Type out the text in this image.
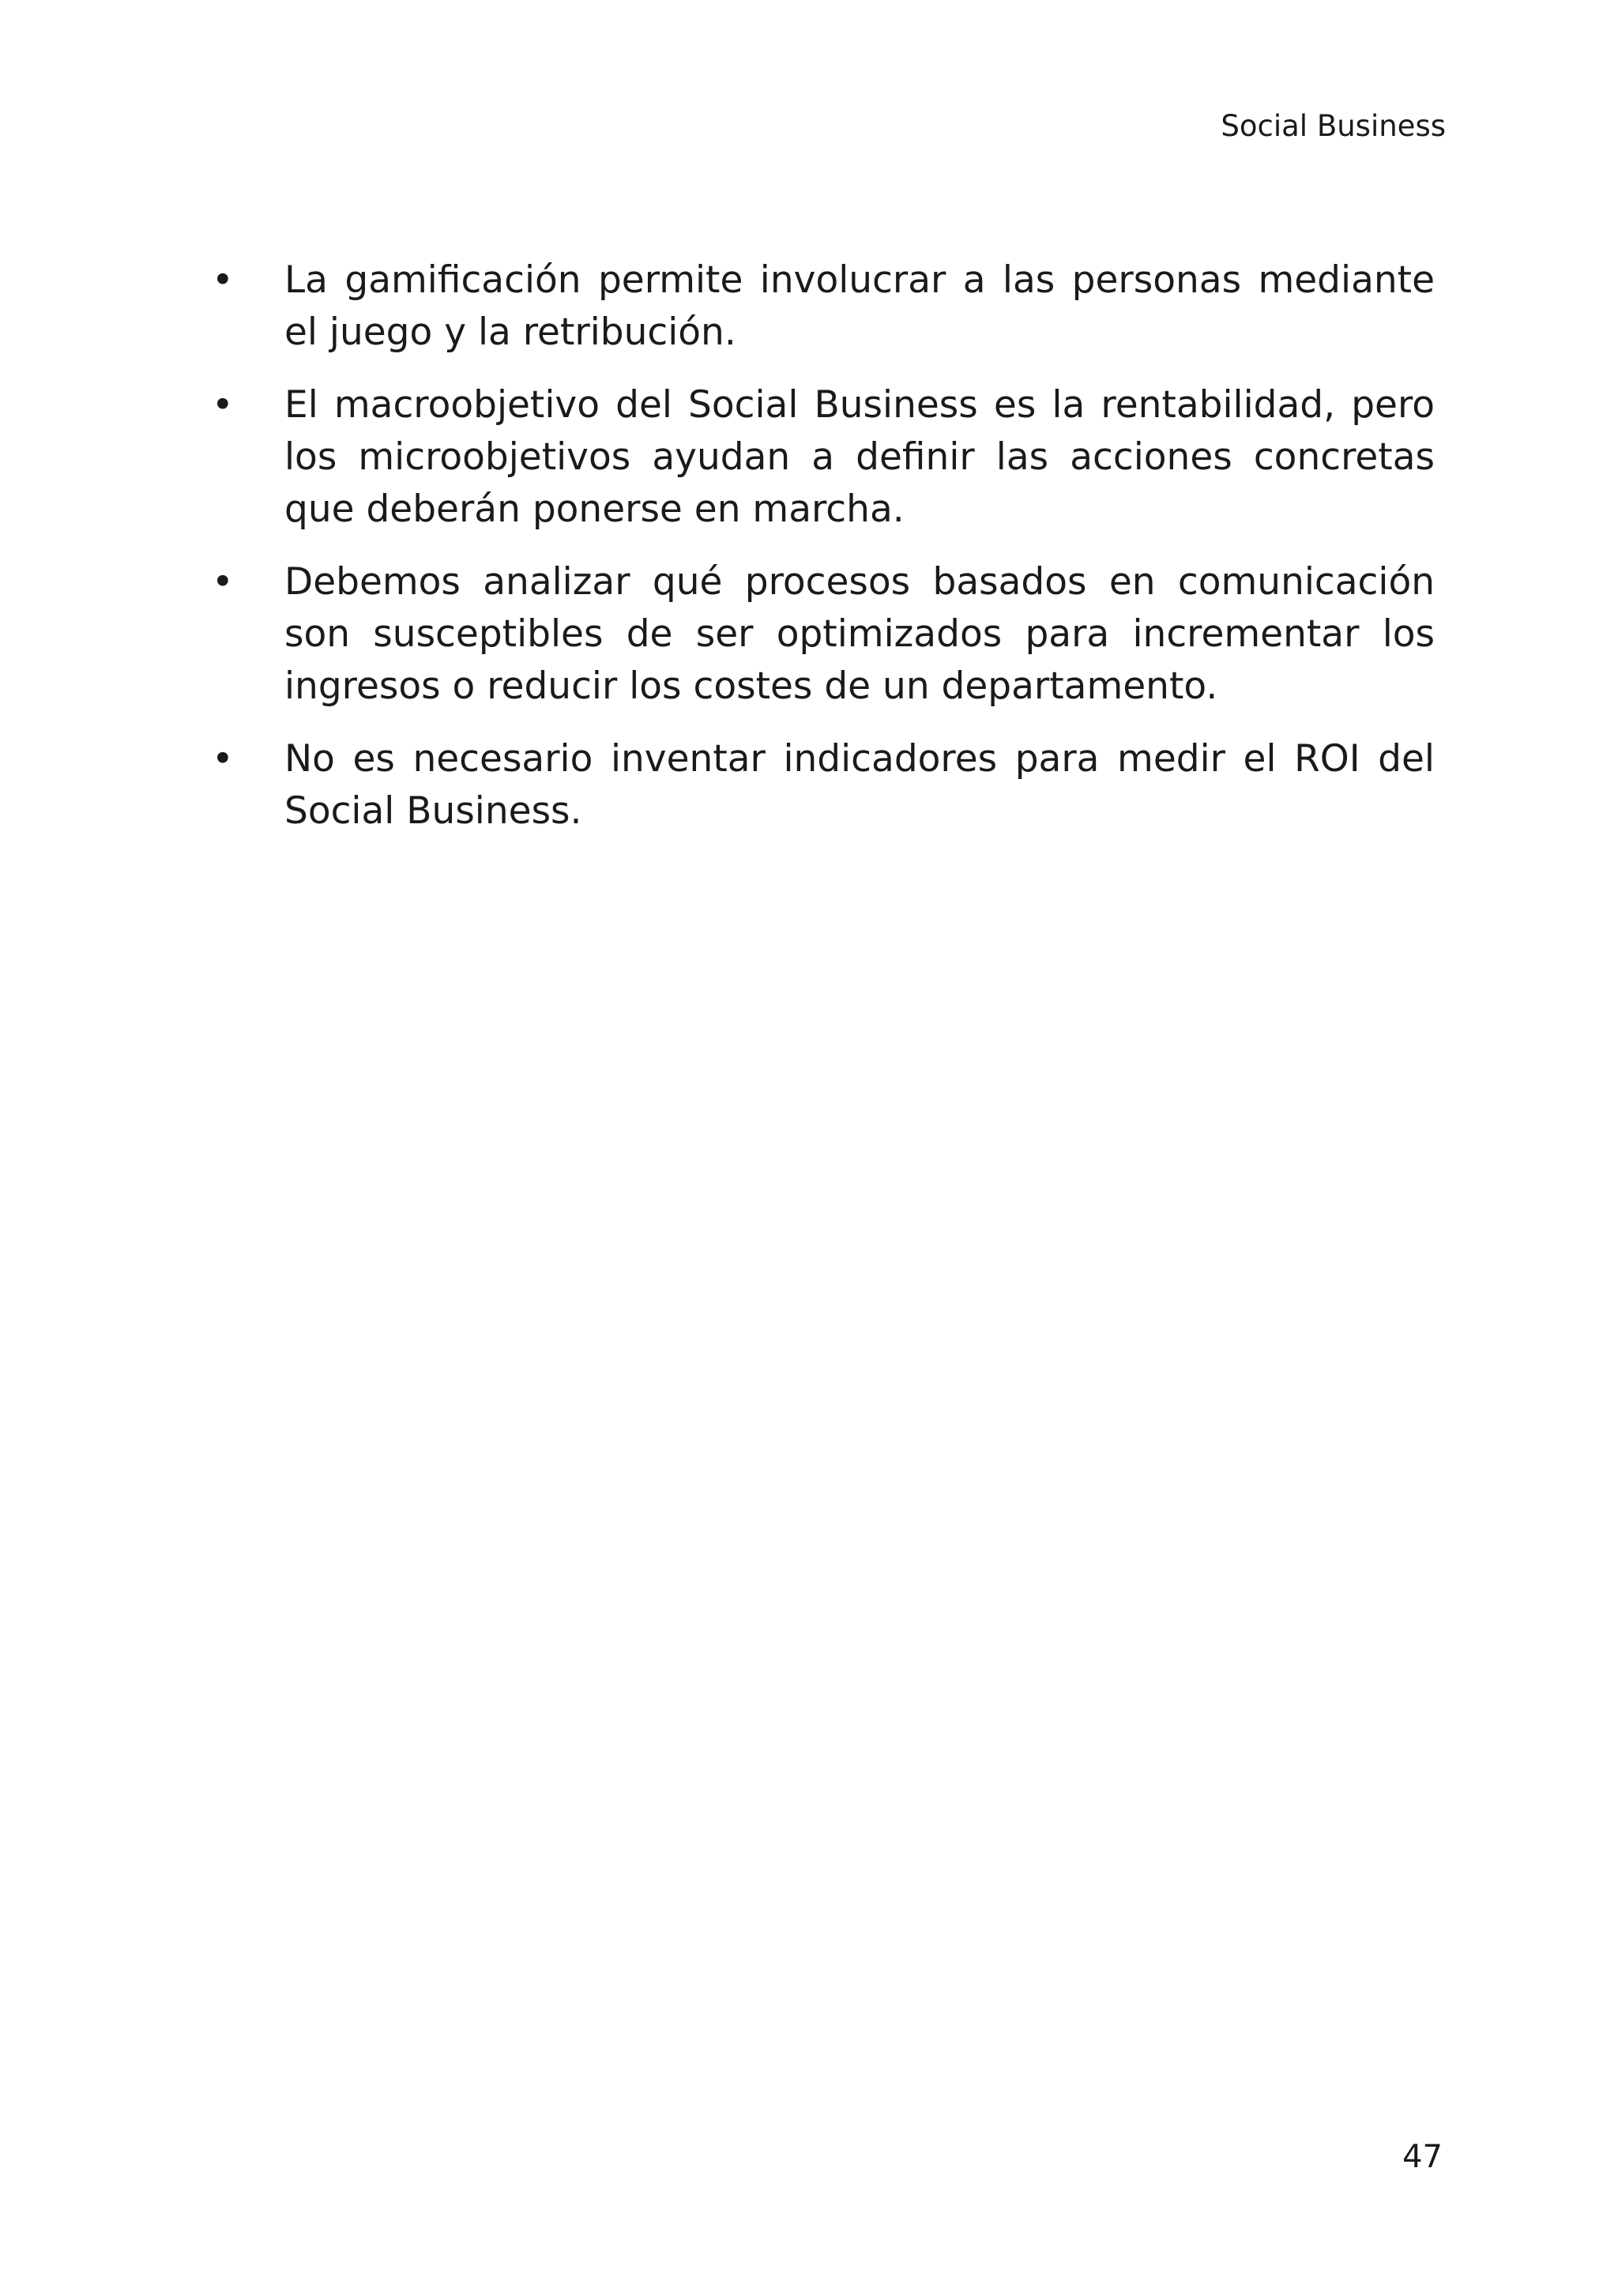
Social Business
• La gamificación permite involucrar a las personas mediante el juego y la retribución.
• El macroobjetivo del Social Business es la rentabilidad, pero los microobjetivos ayudan a definir las acciones concretas que deberán ponerse en marcha.
• Debemos analizar qué procesos basados en comunicación son susceptibles de ser optimizados para incrementar los ingresos o reducir los costes de un departamento.
• No es necesario inventar indicadores para medir el ROI del Social Business.
47
